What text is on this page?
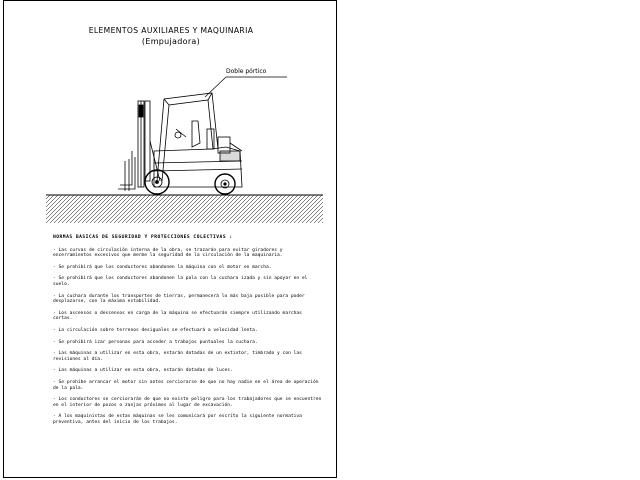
ELEMENTOS AUXILIARES Y MAQUINARIA
(Empujadora)
Doble pórtico
NORMAS BASICAS DE SEGURIDAD Y PROTECCIONES COLECTIVAS :
- Las curvas de circulación interna de la obra, se trazarán para evitar giradores y encerramientos excesivos que merme la seguridad de la circulación de la maquinaria.
- Se prohibirá que los conductores abandonen la máquina con el motor en marcha.
- Se prohibirá que los conductores abandonen la pala con la cuchara izada y sin apoyar en el suelo.
- La cuchara durante los transportes de tierras, permanecerá lo más baja posible para poder desplazarse, con la máxima estabilidad.
- Los ascensos o descensos en carga de la máquina se efectuarán siempre utilizando marchas cortas.
- La circulación sobre terrenos desiguales se efectuará a velocidad lenta.
- Se prohibirá izar personas para acceder a trabajos puntuales la cuchara.
- Las máquinas a utilizar en esta obra, estarán dotadas de un extintor, timbrado y con las revisiones al día.
- Las máquinas a utilizar en esta obra, estarán dotadas de luces.
- Se prohíbe arrancar el motor sin antes cerciorarse de que no hay nadie en el área de operación de la pala.
- Los conductores se cerciorarán de que no existe peligro para los trabajadores que se encuentren en el interior de pozos o zanjas próximos al lugar de excavación.
- A los maquinistas de estas máquinas se les comunicará por escrito la siguiente normativa preventiva, antes del inicio de los trabajos.
